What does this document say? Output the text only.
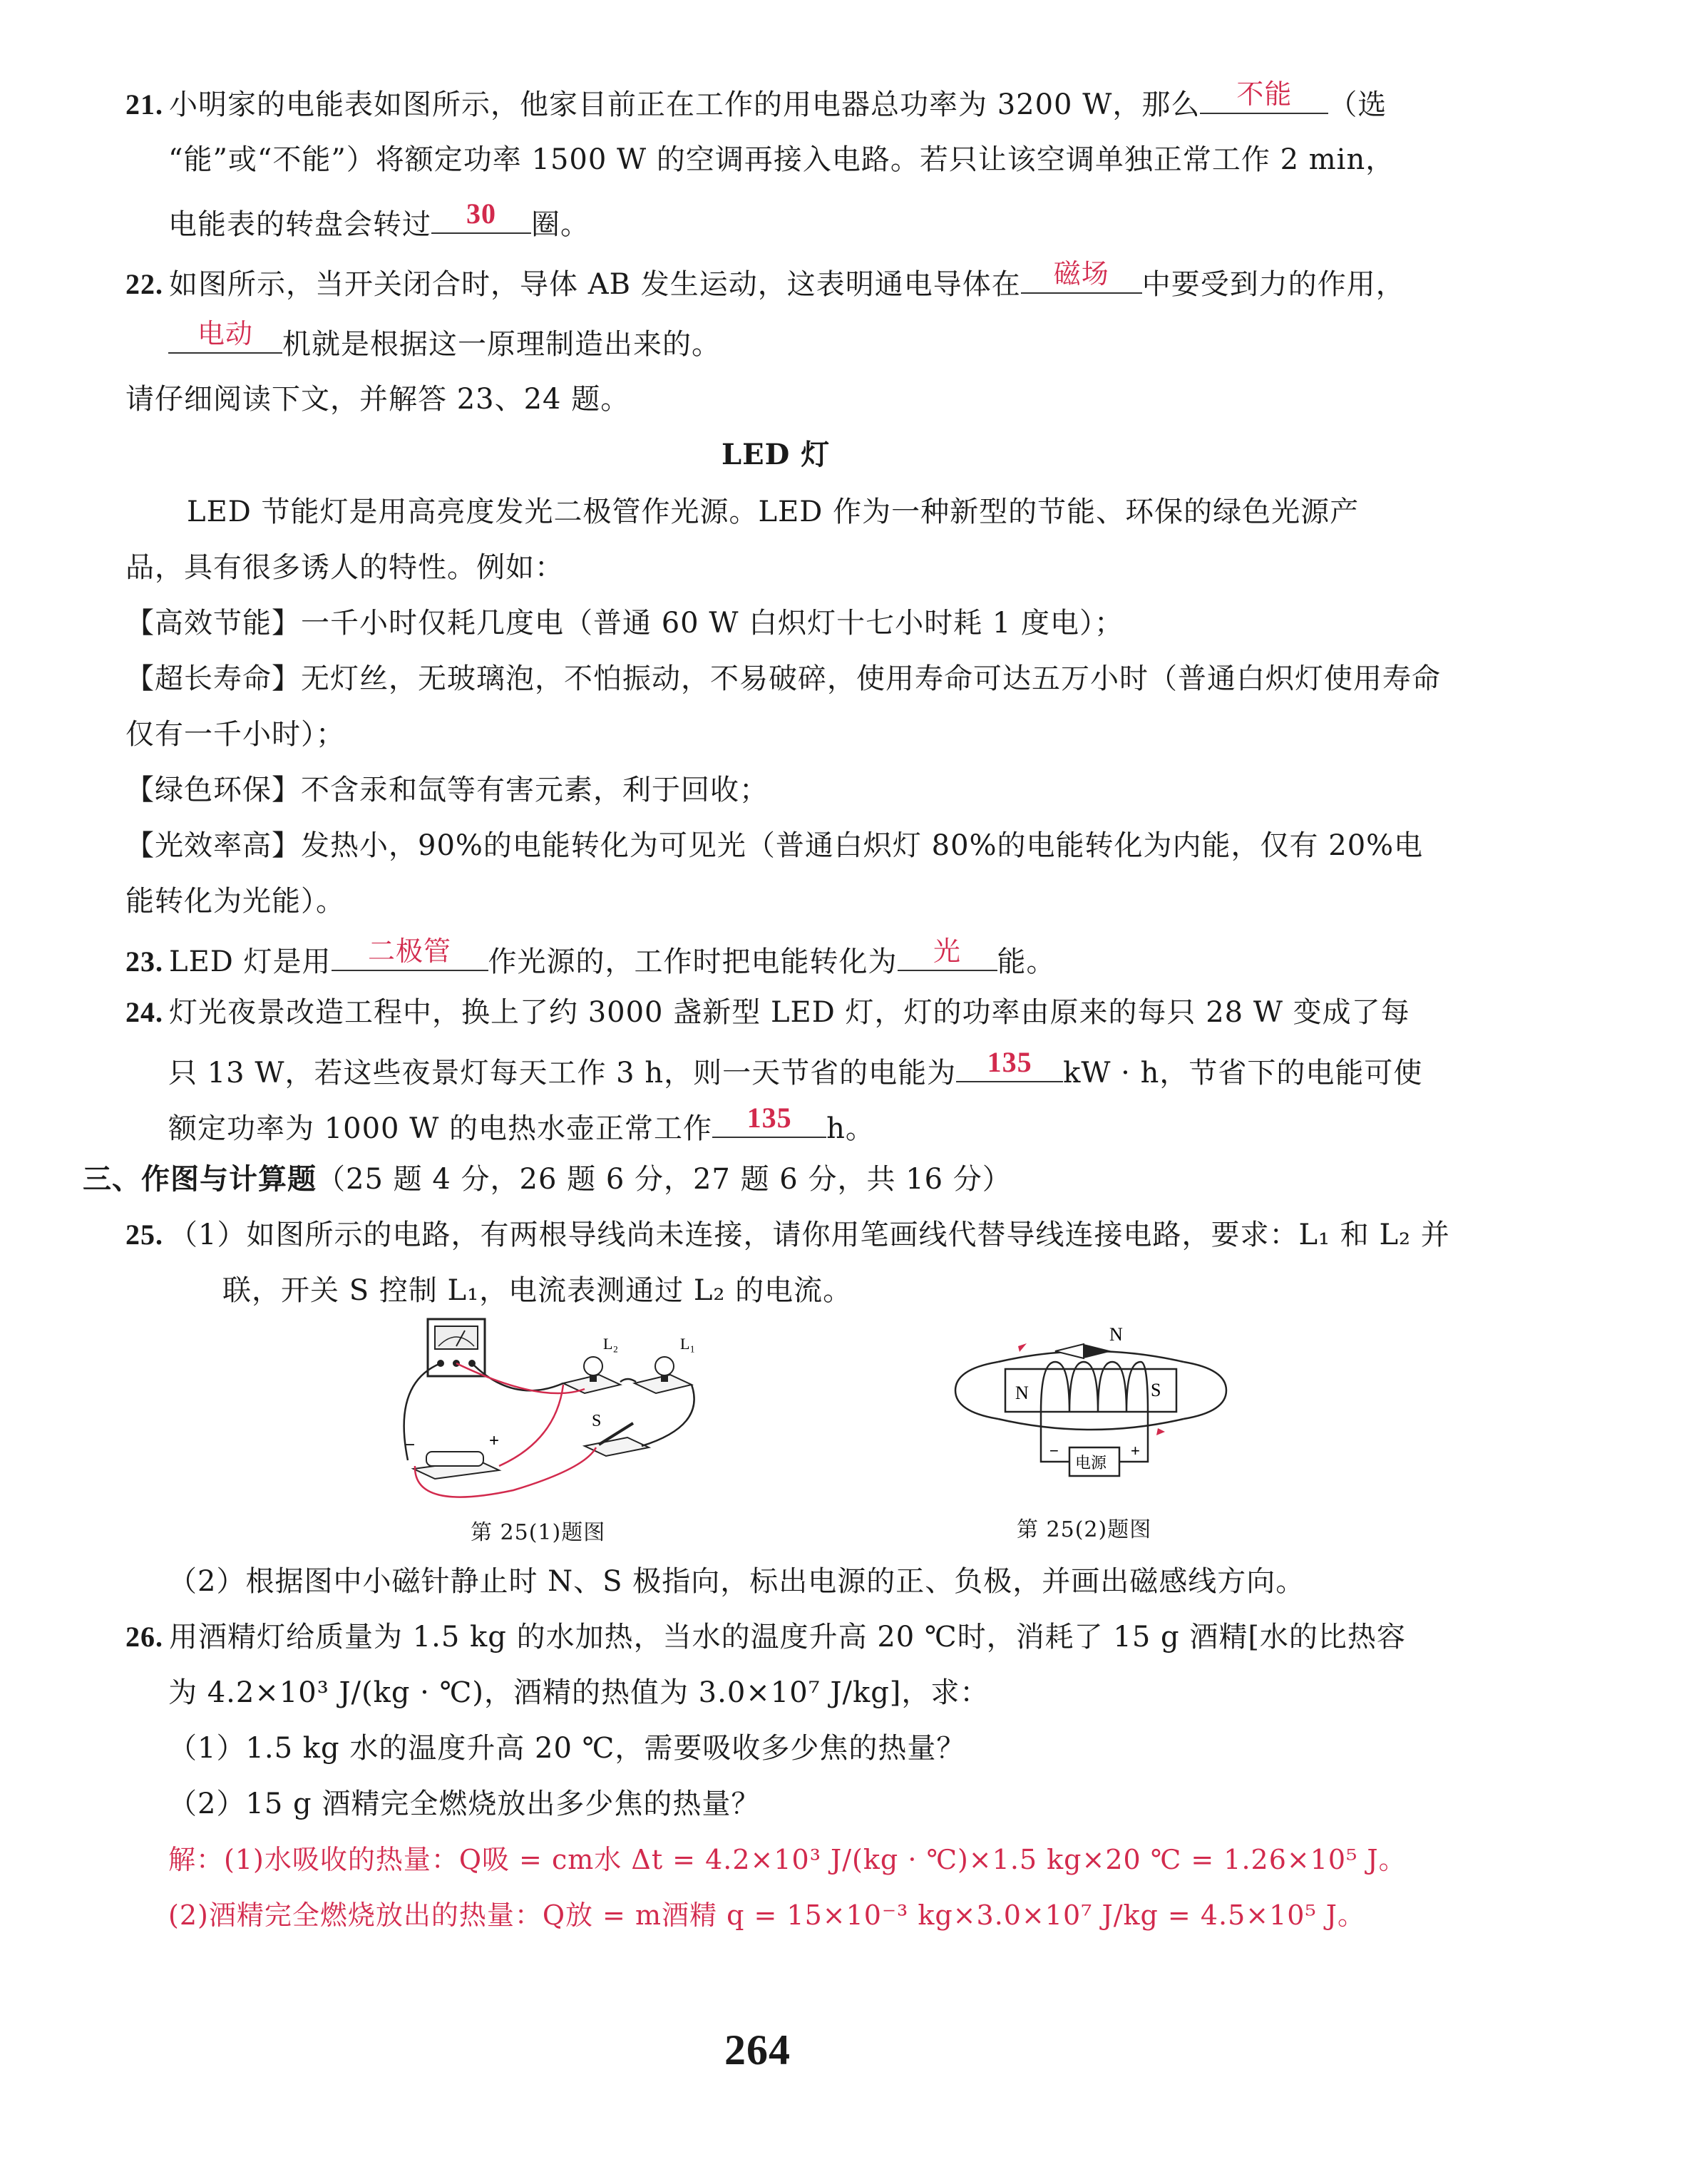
21. 小明家的电能表如图所示，他家目前正在工作的用电器总功率为 3200 W，那么	不能	（选
“能”或“不能”）将额定功率 1500 W 的空调再接入电路。若只让该空调单独正常工作 2 min，
电能表的转盘会转过	30	圈。
22. 如图所示，当开关闭合时，导体 AB 发生运动，这表明通电导体在	磁场	中要受到力的作用，
电动	机就是根据这一原理制造出来的。
请仔细阅读下文，并解答 23、24 题。
LED 灯
LED 节能灯是用高亮度发光二极管作光源。LED 作为一种新型的节能、环保的绿色光源产
品，具有很多诱人的特性。例如：
【高效节能】一千小时仅耗几度电（普通 60 W 白炽灯十七小时耗 1 度电）；
【超长寿命】无灯丝，无玻璃泡，不怕振动，不易破碎，使用寿命可达五万小时（普通白炽灯使用寿命
仅有一千小时）；
【绿色环保】不含汞和氙等有害元素，利于回收；
【光效率高】发热小，90%的电能转化为可见光（普通白炽灯 80%的电能转化为内能，仅有 20%电
能转化为光能）。
23. LED 灯是用	二极管	作光源的，工作时把电能转化为	光	能。
24. 灯光夜景改造工程中，换上了约 3000 盏新型 LED 灯，灯的功率由原来的每只 28 W 变成了每
只 13 W，若这些夜景灯每天工作 3 h，则一天节省的电能为	135	kW · h，节省下的电能可使
额定功率为 1000 W 的电热水壶正常工作	135	h。
三、作图与计算题（25 题 4 分，26 题 6 分，27 题 6 分，共 16 分）
25. （1）如图所示的电路，有两根导线尚未连接，请你用笔画线代替导线连接电路，要求：L₁ 和 L₂ 并
联，开关 S 控制 L₁，电流表测通过 L₂ 的电流。
L₂	L₁
−	+
S
第 25(1)题图
N
N	S
电源
−	+
第 25(2)题图
（2）根据图中小磁针静止时 N、S 极指向，标出电源的正、负极，并画出磁感线方向。
26. 用酒精灯给质量为 1.5 kg 的水加热，当水的温度升高 20 ℃时，消耗了 15 g 酒精[水的比热容
为 4.2×10³ J/(kg · ℃)，酒精的热值为 3.0×10⁷ J/kg]，求：
（1）1.5 kg 水的温度升高 20 ℃，需要吸收多少焦的热量？
（2）15 g 酒精完全燃烧放出多少焦的热量？
解：(1)水吸收的热量：Q吸 = cm水 Δt = 4.2×10³ J/(kg · ℃)×1.5 kg×20 ℃ = 1.26×10⁵ J。
(2)酒精完全燃烧放出的热量：Q放 = m酒精 q = 15×10⁻³ kg×3.0×10⁷ J/kg = 4.5×10⁵ J。
264
